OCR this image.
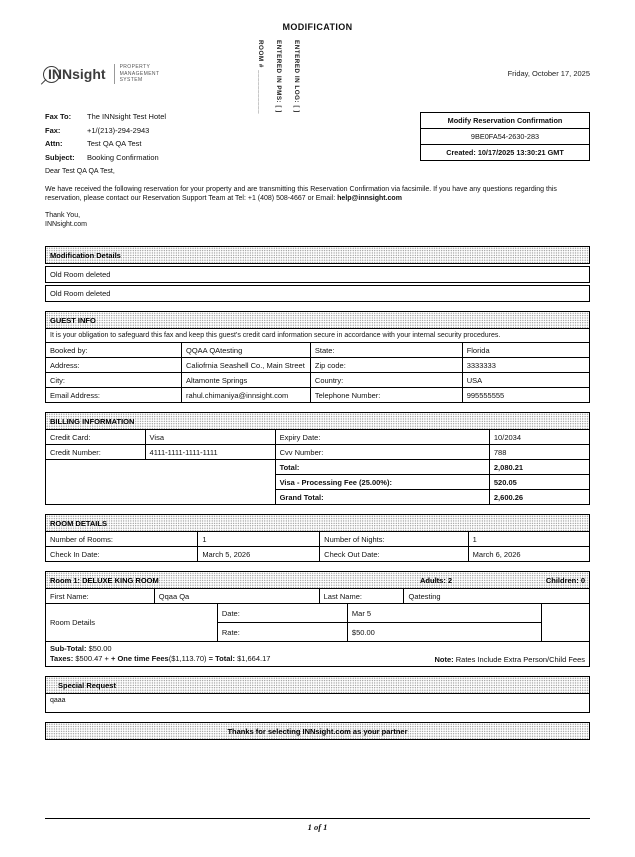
MODIFICATION
INNsight	PROPERTY
MANAGEMENT
SYSTEM	ROOM # ___________ ENTERED IN PMS: [ ] ENTERED IN LOG: [ ]	Friday, October 17, 2025
Fax To:	The INNsight Test Hotel
Fax:	+1/(213)-294-2943
Attn:	Test QA QA Test
Subject:	Booking Confirmation
Modify Reservation Confirmation
9BE0FA54-2630-283
Created: 10/17/2025 13:30:21 GMT
Dear Test QA QA Test,
We have received the following reservation for your property and are transmitting this Reservation Confirmation via facsimile. If you have any questions regarding this reservation, please contact our Reservation Support Team at Tel: +1 (408) 508-4667 or Email: help@innsight.com
Thank You,
INNsight.com
Modification Details
Old Room deleted
Old Room deleted
GUEST INFO
It is your obligation to safeguard this fax and keep this guest's credit card information secure in accordance with your internal security procedures.
Booked by:	QQAA QAtesting	State:	Florida
Address:	Caliofrnia Seashell Co., Main Street	Zip code:	3333333
City:	Altamonte Springs	Country:	USA
Email Address:	rahul.chimaniya@innsight.com	Telephone Number:	995555555
BILLING INFORMATION
Credit Card:	Visa	Expiry Date:	10/2034
Credit Number:	4111-1111-1111-1111	Cvv Number:	788
		Total:	2,080.21
		Visa - Processing Fee (25.00%):	520.05
		Grand Total:	2,600.26
ROOM DETAILS
Number of Rooms:	1	Number of Nights:	1
Check In Date:	March 5, 2026	Check Out Date:	March 6, 2026
Room 1: DELUXE KING ROOM	Adults: 2	Children: 0
First Name:	Qqaa Qa	Last Name:	Qatesting
Room Details	Date:	Mar 5	
	Rate:	$50.00	
Sub-Total: $50.00
Taxes: $500.47 + + One time Fees($1,113.70) = Total: $1,664.17	Note: Rates Include Extra Person/Child Fees
Special Request
qaaa
Thanks for selecting INNsight.com as your partner
1 of 1
